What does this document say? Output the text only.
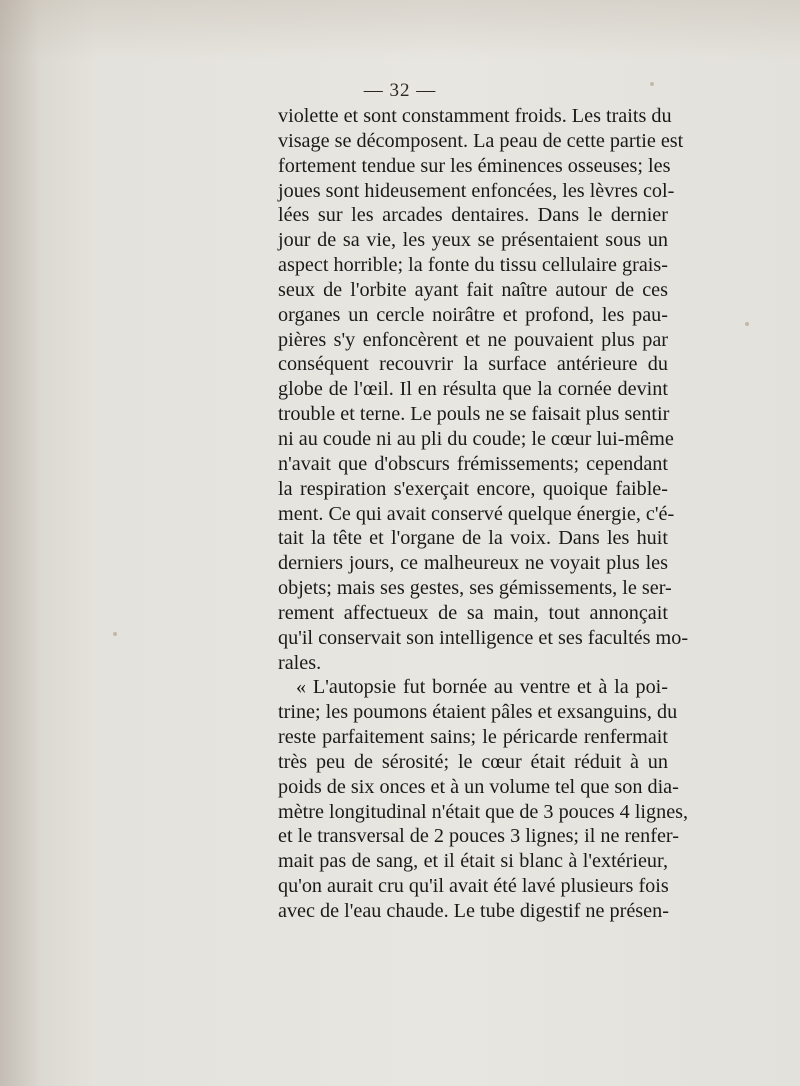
— 32 —
violette et sont constamment froids. Les traits du
visage se décomposent. La peau de cette partie est
fortement tendue sur les éminences osseuses; les
joues sont hideusement enfoncées, les lèvres col-
lées sur les arcades dentaires. Dans le dernier
jour de sa vie, les yeux se présentaient sous un
aspect horrible; la fonte du tissu cellulaire grais-
seux de l'orbite ayant fait naître autour de ces
organes un cercle noirâtre et profond, les pau-
pières s'y enfoncèrent et ne pouvaient plus par
conséquent recouvrir la surface antérieure du
globe de l'œil. Il en résulta que la cornée devint
trouble et terne. Le pouls ne se faisait plus sentir
ni au coude ni au pli du coude; le cœur lui-même
n'avait que d'obscurs frémissements; cependant
la respiration s'exerçait encore, quoique faible-
ment. Ce qui avait conservé quelque énergie, c'é-
tait la tête et l'organe de la voix. Dans les huit
derniers jours, ce malheureux ne voyait plus les
objets; mais ses gestes, ses gémissements, le ser-
rement affectueux de sa main, tout annonçait
qu'il conservait son intelligence et ses facultés mo-
rales.
« L'autopsie fut bornée au ventre et à la poi-
trine; les poumons étaient pâles et exsanguins, du
reste parfaitement sains; le péricarde renfermait
très peu de sérosité; le cœur était réduit à un
poids de six onces et à un volume tel que son dia-
mètre longitudinal n'était que de 3 pouces 4 lignes,
et le transversal de 2 pouces 3 lignes; il ne renfer-
mait pas de sang, et il était si blanc à l'extérieur,
qu'on aurait cru qu'il avait été lavé plusieurs fois
avec de l'eau chaude. Le tube digestif ne présen-
